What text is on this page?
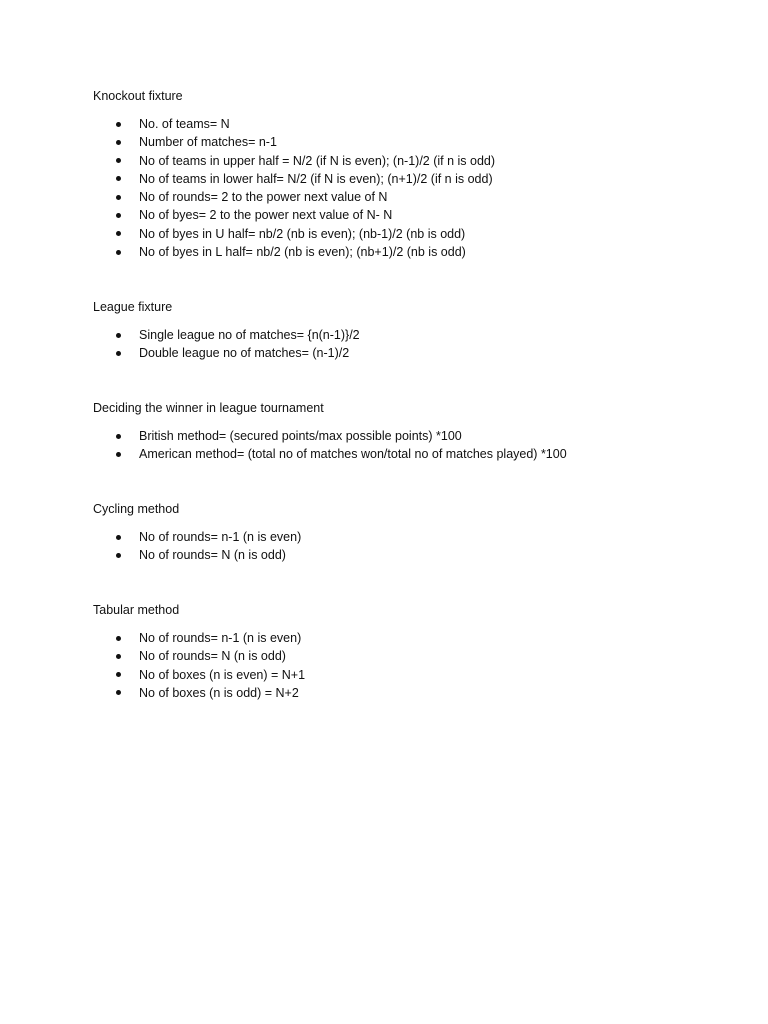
Knockout fixture
No. of teams= N
Number of matches= n-1
No of teams in upper half = N/2 (if N is even); (n-1)/2 (if n is odd)
No of teams in lower half= N/2 (if N is even); (n+1)/2 (if n is odd)
No of rounds= 2 to the power next value of N
No of byes= 2 to the power next value of N- N
No of byes in U half= nb/2 (nb is even); (nb-1)/2 (nb is odd)
No of byes in L half= nb/2 (nb is even); (nb+1)/2 (nb is odd)
League fixture
Single league no of matches= {n(n-1)}/2
Double league no of matches= (n-1)/2
Deciding the winner in league tournament
British method= (secured points/max possible points) *100
American method= (total no of matches won/total no of matches played) *100
Cycling method
No of rounds= n-1 (n is even)
No of rounds= N (n is odd)
Tabular method
No of rounds= n-1 (n is even)
No of rounds= N (n is odd)
No of boxes (n is even) = N+1
No of boxes (n is odd) = N+2
